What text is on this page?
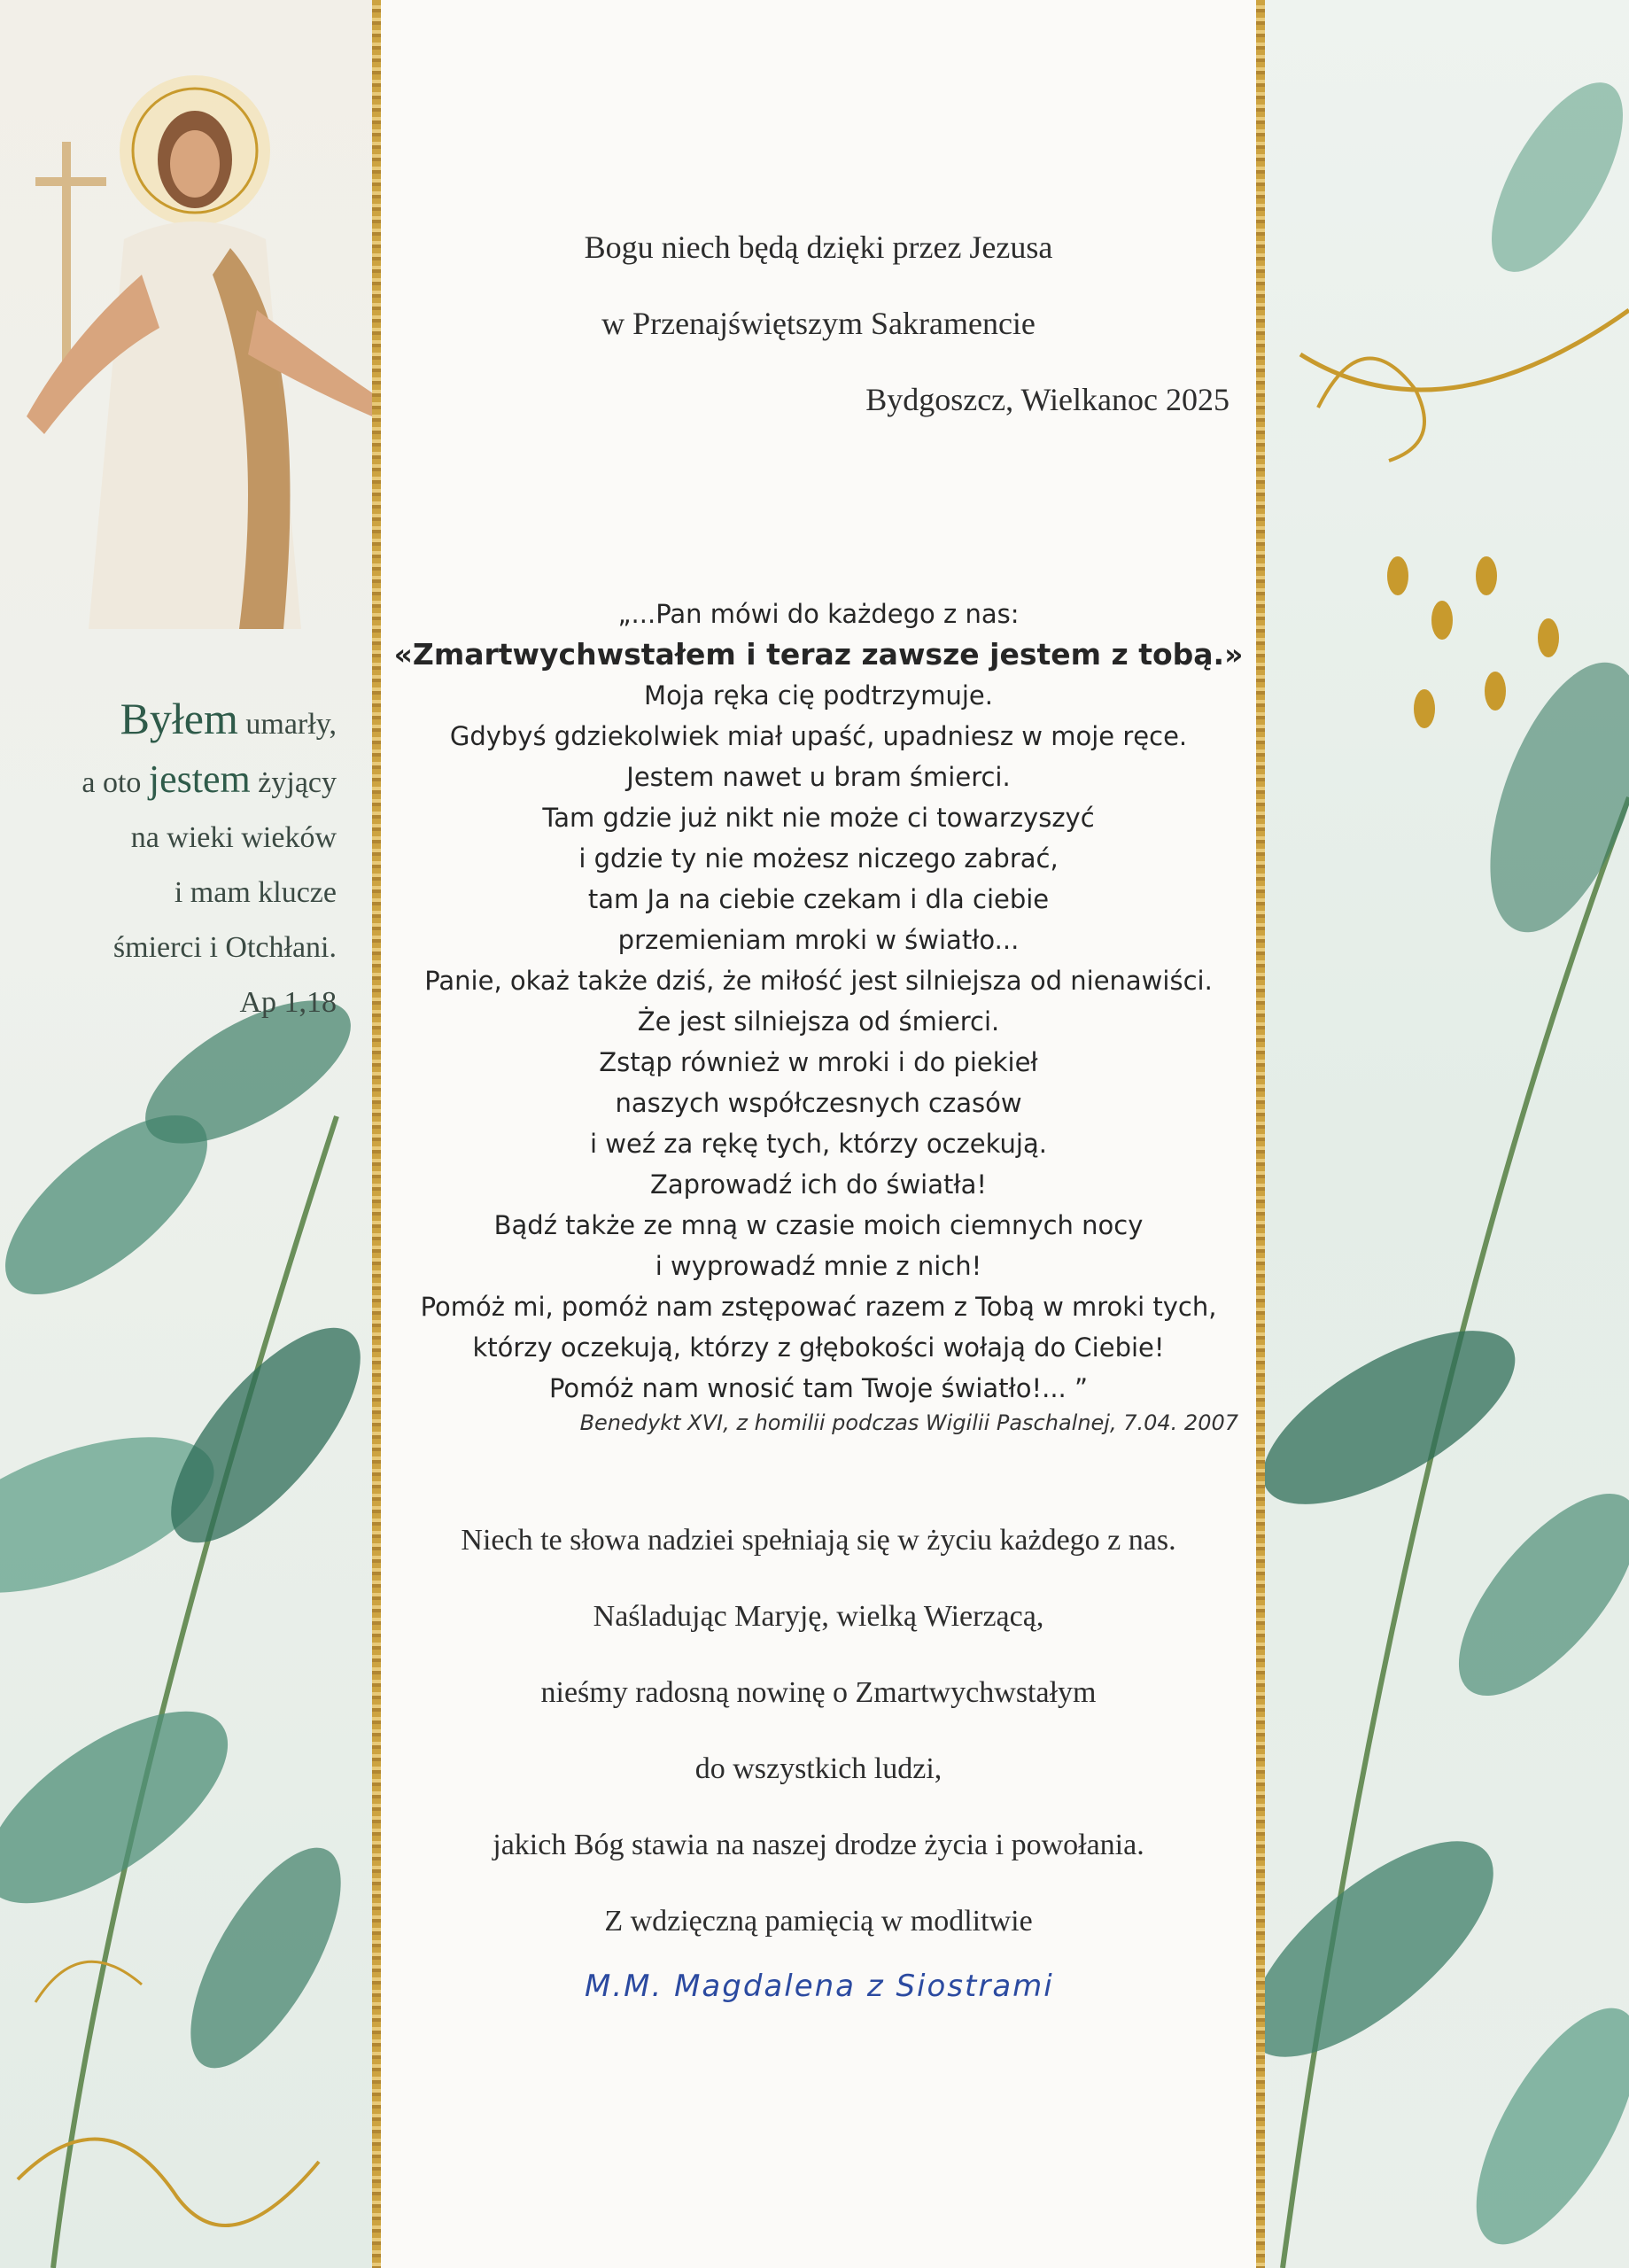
Byłem umarły,
a oto jestem żyjący
na wieki wieków
i mam klucze
śmierci i Otchłani.
Ap 1,18
Bogu niech będą dzięki przez Jezusa
w Przenajświętszym Sakramencie
Bydgoszcz, Wielkanoc 2025
„...Pan mówi do każdego z nas:
«Zmartwychwstałem i teraz zawsze jestem z tobą.»
Moja ręka cię podtrzymuje.
Gdybyś gdziekolwiek miał upaść, upadniesz w moje ręce.
Jestem nawet u bram śmierci.
Tam gdzie już nikt nie może ci towarzyszyć
i gdzie ty nie możesz niczego zabrać,
tam Ja na ciebie czekam i dla ciebie
przemieniam mroki w światło...
Panie, okaż także dziś, że miłość jest silniejsza od nienawiści.
Że jest silniejsza od śmierci.
Zstąp również w mroki i do piekieł
naszych współczesnych czasów
i weź za rękę tych, którzy oczekują.
Zaprowadź ich do światła!
Bądź także ze mną w czasie moich ciemnych nocy
i wyprowadź mnie z nich!
Pomóż mi, pomóż nam zstępować razem z Tobą w mroki tych,
którzy oczekują, którzy z głębokości wołają do Ciebie!
Pomóż nam wnosić tam Twoje światło!... ”
Benedykt XVI, z homilii podczas Wigilii Paschalnej, 7.04. 2007
Niech te słowa nadziei spełniają się w życiu każdego z nas.
Naśladując Maryję, wielką Wierzącą,
nieśmy radosną nowinę o Zmartwychwstałym
do wszystkich ludzi,
jakich Bóg stawia na naszej drodze życia i powołania.
Z wdzięczną pamięcią w modlitwie
M.M. Magdalena z Siostrami
